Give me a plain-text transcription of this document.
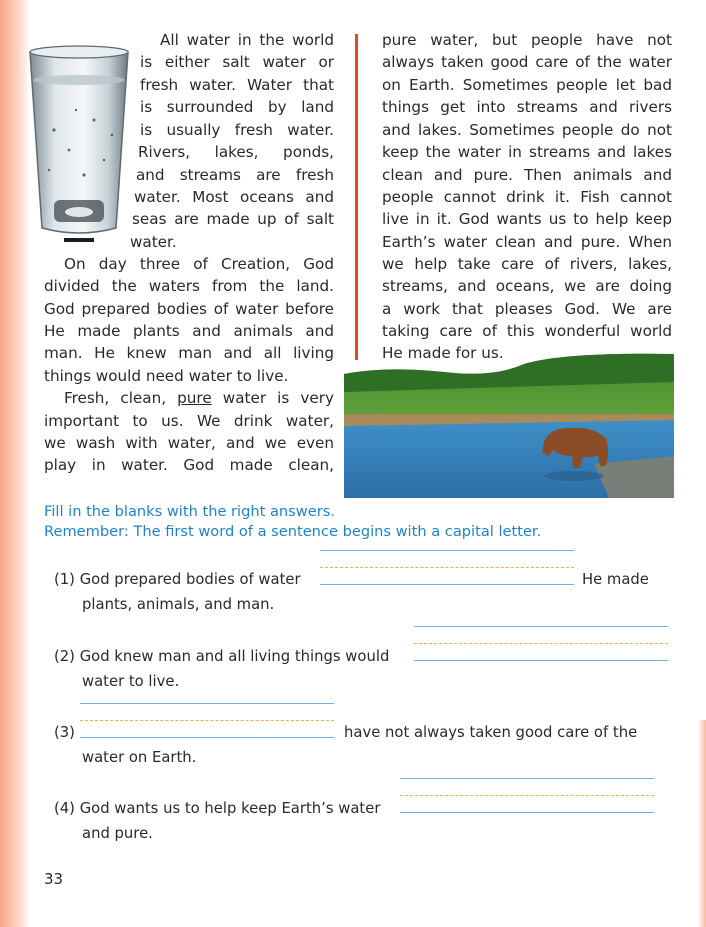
All water in the world

is either salt water or

fresh water. Water that

is surrounded by land

is usually fresh water.

Rivers, lakes, ponds,

and streams are fresh

water. Most oceans and

seas are made up of salt

water.

On day three of Creation, God

divided the waters from the land.

God prepared bodies of water before

He made plants and animals and

man. He knew man and all living

things would need water to live.

Fresh, clean, pure water is very

important to us. We drink water,

we wash with water, and we even

play in water. God made clean,

pure water, but people have not

always taken good care of the water

on Earth. Sometimes people let bad

things get into streams and rivers

and lakes. Sometimes people do not

keep the water in streams and lakes

clean and pure. Then animals and

people cannot drink it. Fish cannot

live in it. God wants us to help keep

Earth’s water clean and pure. When

we help take care of rivers, lakes,

streams, and oceans, we are doing

a work that pleases God. We are

taking care of this wonderful world

He made for us.

Fill in the blanks with the right answers.

Remember: The first word of a sentence begins with a capital letter.

(1) God prepared bodies of water	He made

plants, animals, and man.

(2) God knew man and all living things would

water to live.

(3)	have not always taken good care of the

water on Earth.

(4) God wants us to help keep Earth’s water

and pure.

33
